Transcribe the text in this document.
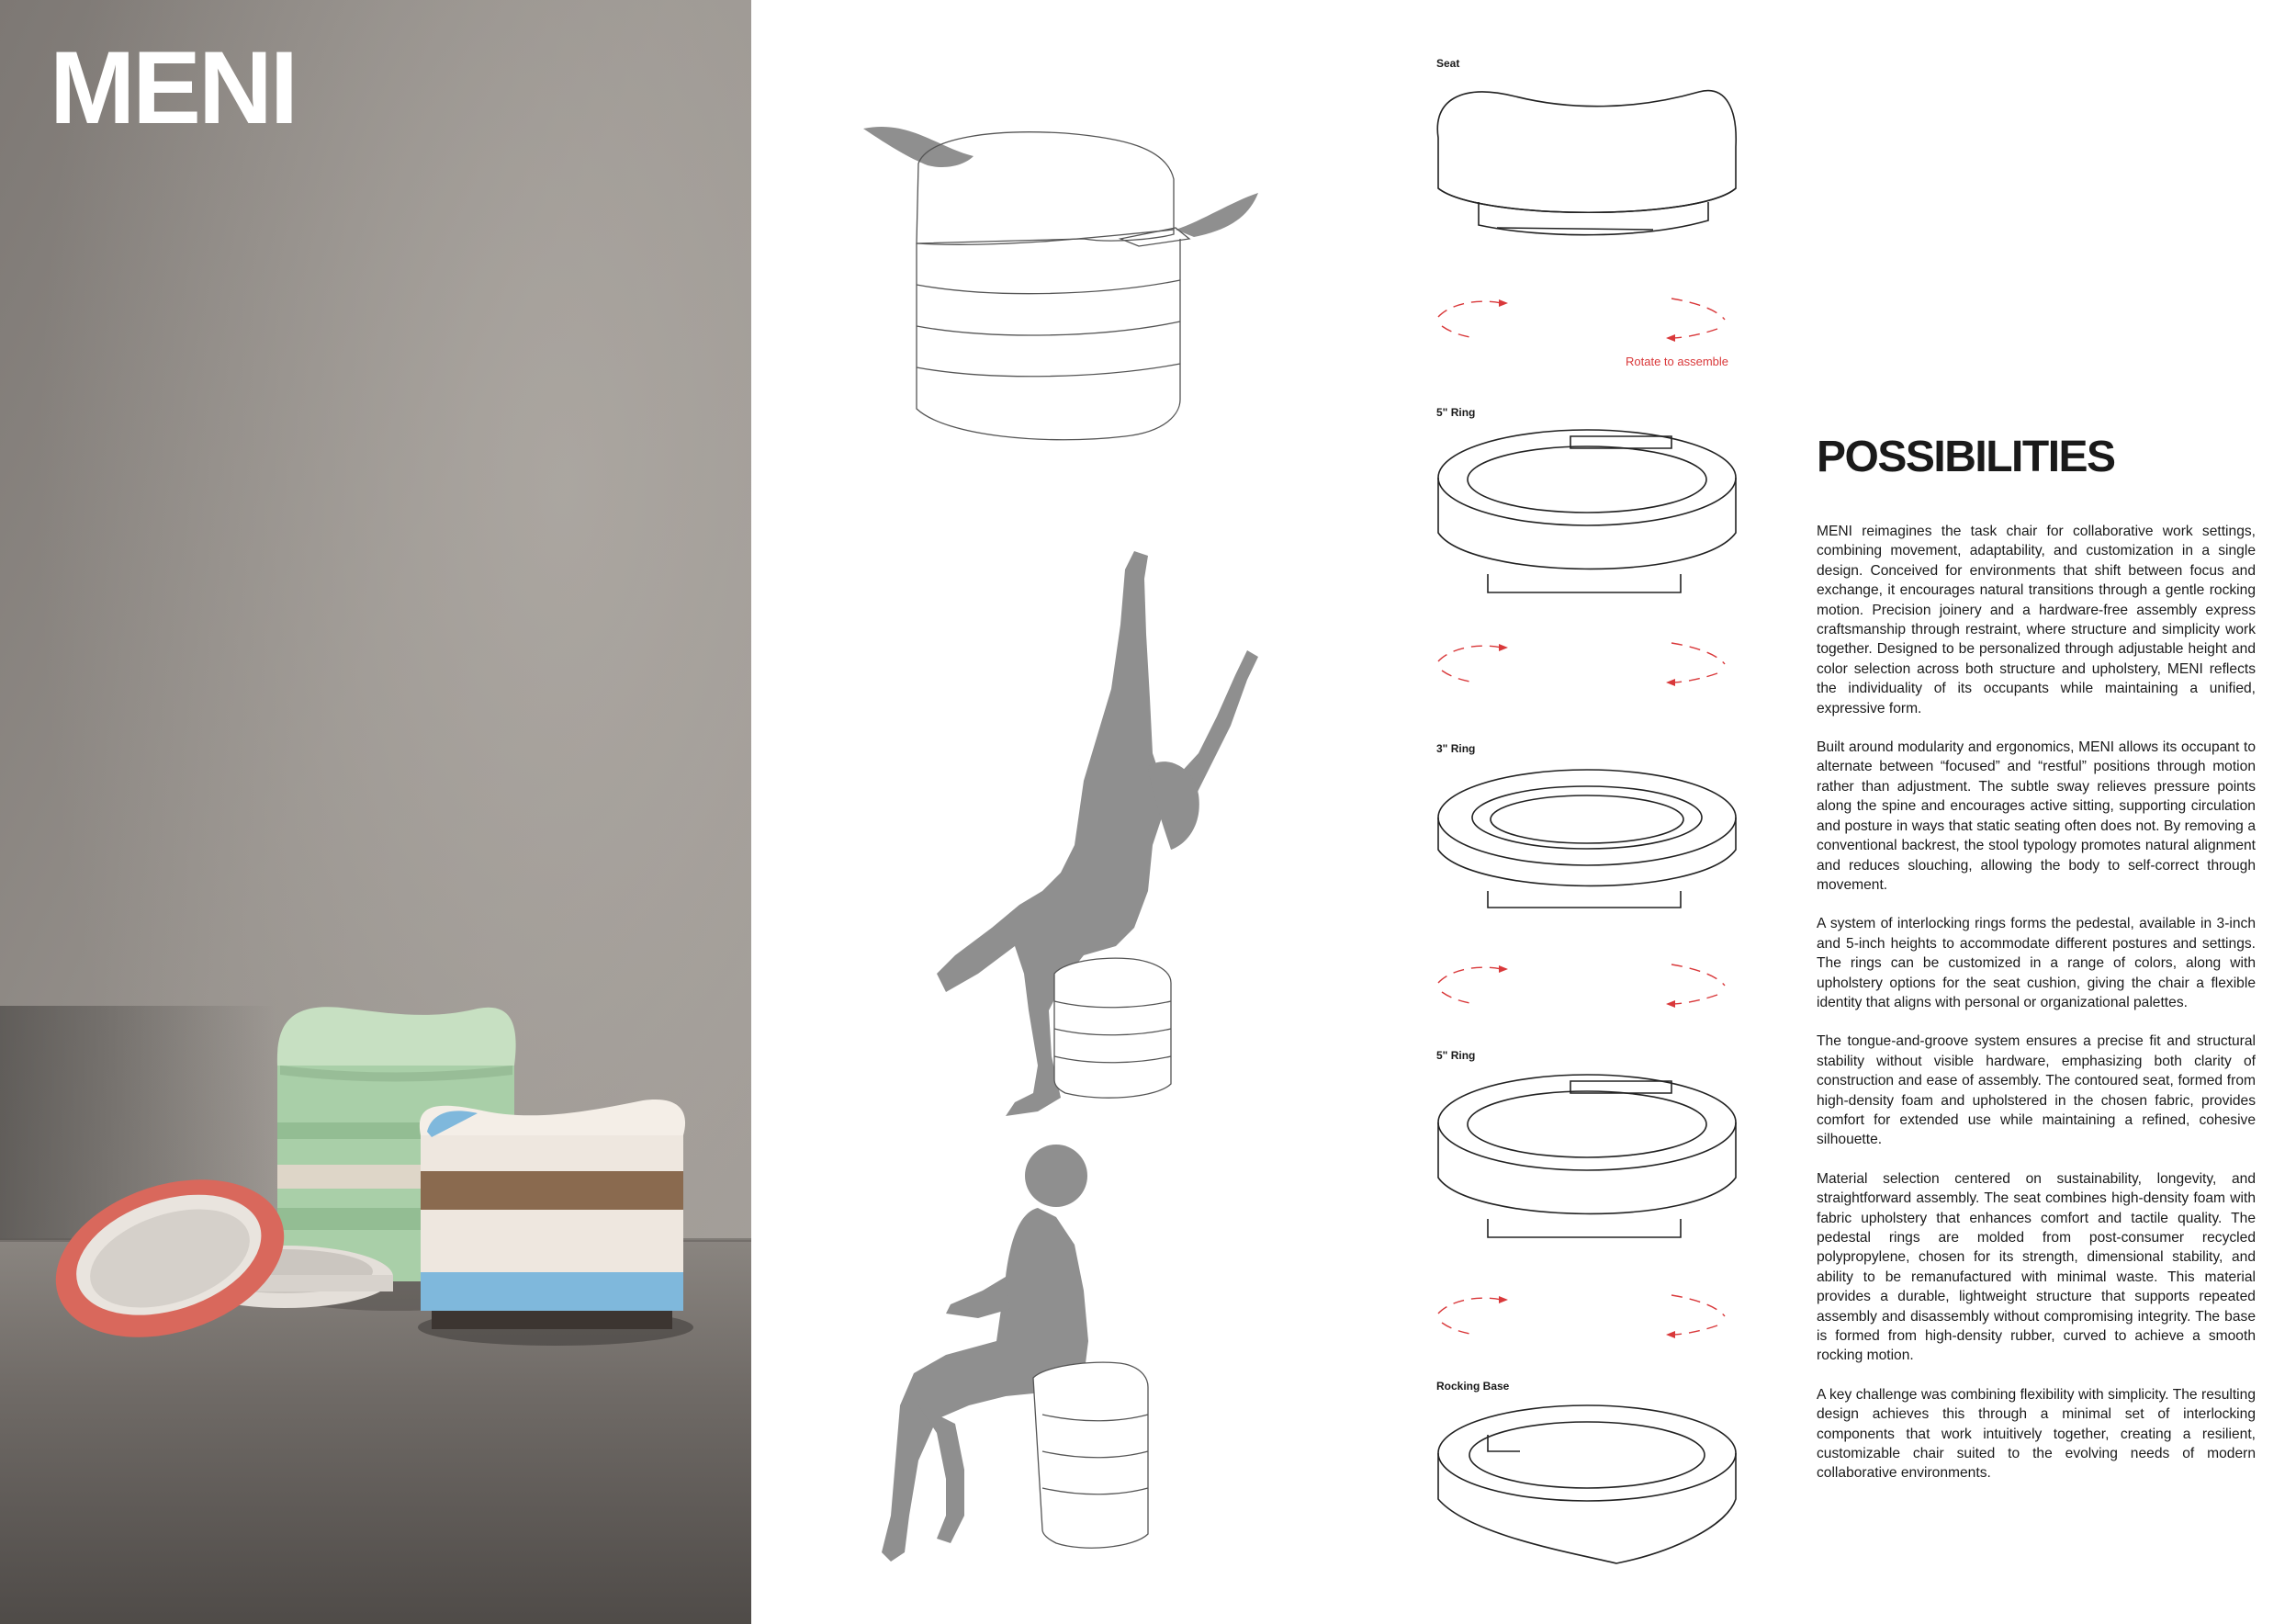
MENI	Seat
Rotate to assemble
5" Ring
3" Ring
5" Ring
Rocking Base
POSSIBILITIES

MENI reimagines the task chair for collaborative work settings, combining movement, adaptability, and customization in a single design. Conceived for environments that shift between focus and exchange, it encourages natural transitions through a gentle rocking motion. Precision joinery and a hardware-free assembly express craftsmanship through restraint, where structure and simplicity work together. Designed to be personalized through adjustable height and color selection across both structure and upholstery, MENI reflects the individuality of its occupants while maintaining a unified, expressive form.

Built around modularity and ergonomics, MENI allows its occupant to alternate between “focused” and “restful” positions through motion rather than adjustment. The subtle sway relieves pressure points along the spine and encourages active sitting, supporting circulation and posture in ways that static seating often does not. By removing a conventional backrest, the stool typology promotes natural alignment and reduces slouching, allowing the body to self-correct through movement.

A system of interlocking rings forms the pedestal, available in 3-inch and 5-inch heights to accommodate different postures and settings. The rings can be customized in a range of colors, along with upholstery options for the seat cushion, giving the chair a flexible identity that aligns with personal or organizational palettes.

The tongue-and-groove system ensures a precise fit and structural stability without visible hardware, emphasizing both clarity of construction and ease of assembly. The contoured seat, formed from high-density foam and upholstered in the chosen fabric, provides comfort for extended use while maintaining a refined, cohesive silhouette.

Material selection centered on sustainability, longevity, and straightforward assembly. The seat combines high-density foam with fabric upholstery that enhances comfort and tactile quality. The pedestal rings are molded from post-consumer recycled polypropylene, chosen for its strength, dimensional stability, and ability to be remanufactured with minimal waste. This material provides a durable, lightweight structure that supports repeated assembly and disassembly without compromising integrity. The base is formed from high-density rubber, curved to achieve a smooth rocking motion.

A key challenge was combining flexibility with simplicity. The resulting design achieves this through a minimal set of interlocking components that work intuitively together, creating a resilient, customizable chair suited to the evolving needs of modern collaborative environments.
